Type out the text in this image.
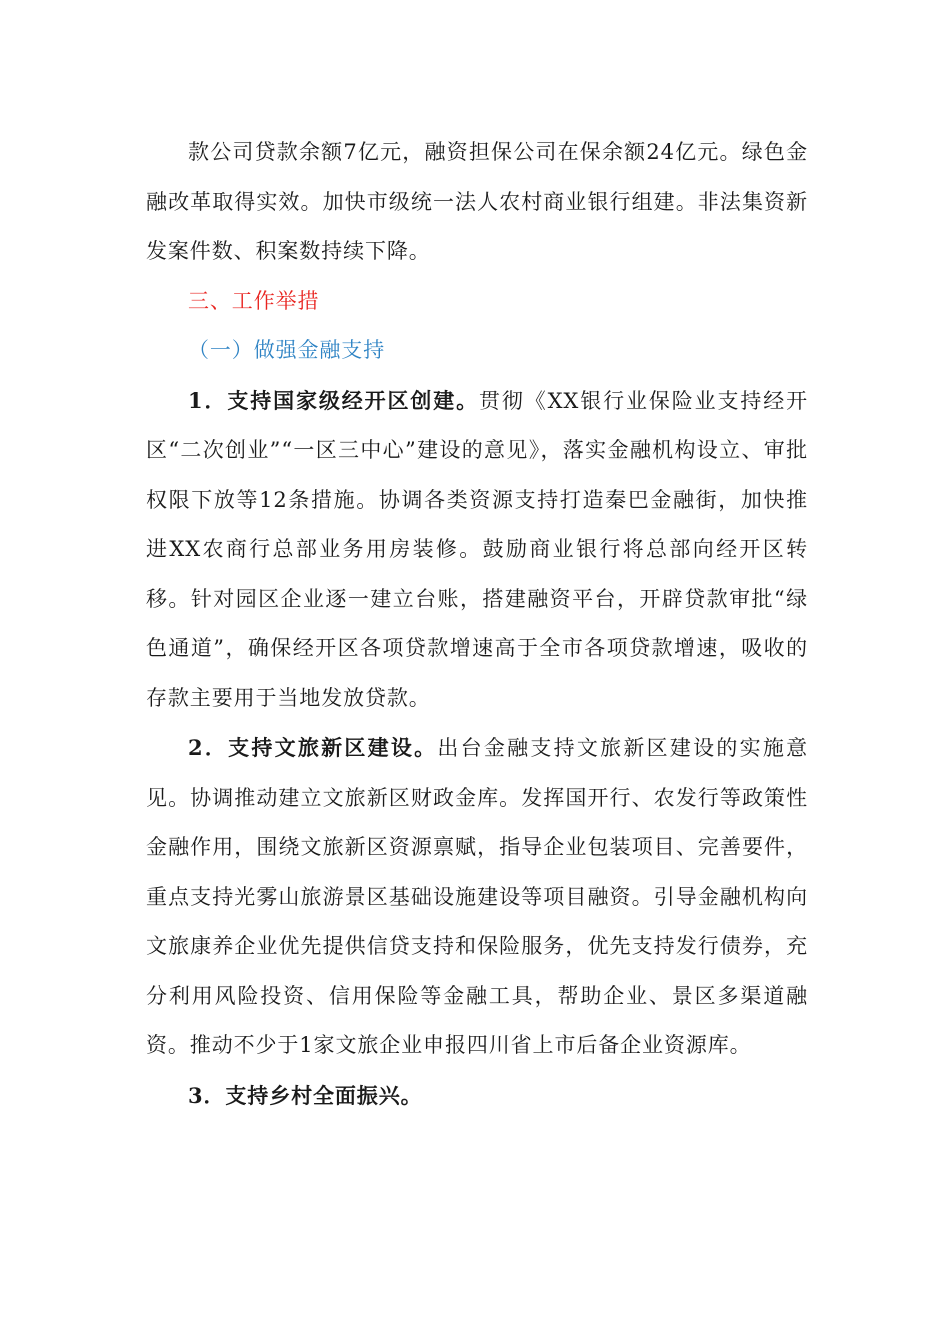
款公司贷款余额7亿元，融资担保公司在保余额24亿元。绿色金融改革取得实效。加快市级统一法人农村商业银行组建。非法集资新发案件数、积案数持续下降。

三、工作举措

（一）做强金融支持

1．支持国家级经开区创建。贯彻《XX银行业保险业支持经开区“二次创业”“一区三中心”建设的意见》，落实金融机构设立、审批权限下放等12条措施。协调各类资源支持打造秦巴金融街，加快推进XX农商行总部业务用房装修。鼓励商业银行将总部向经开区转移。针对园区企业逐一建立台账，搭建融资平台，开辟贷款审批“绿色通道”，确保经开区各项贷款增速高于全市各项贷款增速，吸收的存款主要用于当地发放贷款。

2．支持文旅新区建设。出台金融支持文旅新区建设的实施意见。协调推动建立文旅新区财政金库。发挥国开行、农发行等政策性金融作用，围绕文旅新区资源禀赋，指导企业包装项目、完善要件，重点支持光雾山旅游景区基础设施建设等项目融资。引导金融机构向文旅康养企业优先提供信贷支持和保险服务，优先支持发行债券，充分利用风险投资、信用保险等金融工具，帮助企业、景区多渠道融资。推动不少于1家文旅企业申报四川省上市后备企业资源库。

3．支持乡村全面振兴。
